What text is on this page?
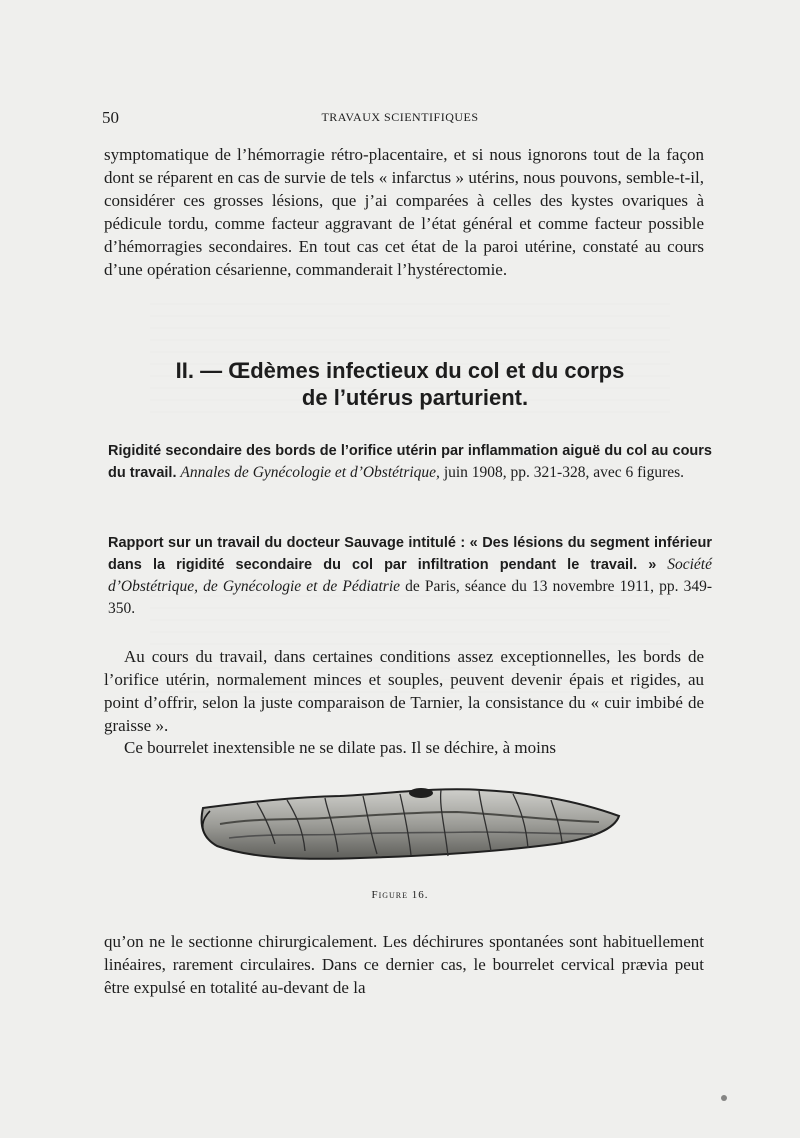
50	TRAVAUX SCIENTIFIQUES

symptomatique de l’hémorragie rétro-placentaire, et si nous ignorons tout de la façon dont se réparent en cas de survie de tels « infarctus » utérins, nous pouvons, semble-t-il, considérer ces grosses lésions, que j’ai comparées à celles des kystes ovariques à pédicule tordu, comme facteur aggravant de l’état général et comme facteur possible d’hémorragies secondaires. En tout cas cet état de la paroi utérine, constaté au cours d’une opération césarienne, commanderait l’hystérectomie.

II. — Œdèmes infectieux du col et du corps
de l’utérus parturient.

Rigidité secondaire des bords de l’orifice utérin par inflammation aiguë du col au cours du travail. Annales de Gynécologie et d’Obstétrique, juin 1908, pp. 321-328, avec 6 figures.

Rapport sur un travail du docteur Sauvage intitulé : « Des lésions du segment inférieur dans la rigidité secondaire du col par infiltration pendant le travail. » Société d’Obstétrique, de Gynécologie et de Pédiatrie de Paris, séance du 13 novembre 1911, pp. 349-350.

Au cours du travail, dans certaines conditions assez exceptionnelles, les bords de l’orifice utérin, normalement minces et souples, peuvent devenir épais et rigides, au point d’offrir, selon la juste comparaison de Tarnier, la consistance du « cuir imbibé de graisse ».

Ce bourrelet inextensible ne se dilate pas. Il se déchire, à moins

Figure 16.

qu’on ne le sectionne chirurgicalement. Les déchirures spontanées sont habituellement linéaires, rarement circulaires. Dans ce dernier cas, le bourrelet cervical prævia peut être expulsé en totalité au-devant de la
